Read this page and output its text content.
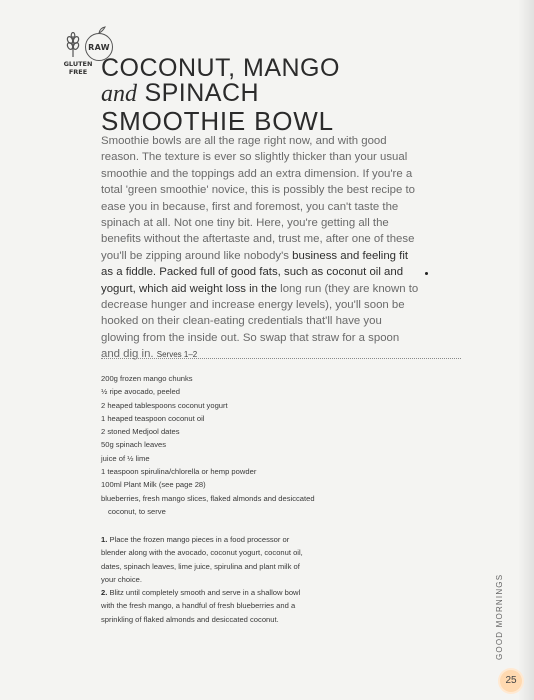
RAW
GLUTEN
FREE COCONUT, MANGO
and SPINACH
SMOOTHIE BOWL

Smoothie bowls are all the rage right now, and with good reason. The texture is ever so slightly thicker than your usual smoothie and the toppings add an extra dimension. If you're a total 'green smoothie' novice, this is possibly the best recipe to ease you in because, first and foremost, you can't taste the spinach at all. Not one tiny bit. Here, you're getting all the benefits without the aftertaste and, trust me, after one of these you'll be zipping around like nobody's business and feeling fit as a fiddle. Packed full of good fats, such as coconut oil and yogurt, which aid weight loss in the long run (they are known to decrease hunger and increase energy levels), you'll soon be hooked on their clean-eating credentials that'll have you glowing from the inside out. So swap that straw for a spoon and dig in. Serves 1–2

200g frozen mango chunks
½ ripe avocado, peeled
2 heaped tablespoons coconut yogurt
1 heaped teaspoon coconut oil
2 stoned Medjool dates
50g spinach leaves
juice of ½ lime
1 teaspoon spirulina/chlorella or hemp powder
100ml Plant Milk (see page 28)
blueberries, fresh mango slices, flaked almonds and desiccated coconut, to serve
1. Place the frozen mango pieces in a food processor or blender along with the avocado, coconut yogurt, coconut oil, dates, spinach leaves, lime juice, spirulina and plant milk of your choice.
2. Blitz until completely smooth and serve in a shallow bowl with the fresh mango, a handful of fresh blueberries and a sprinkling of flaked almonds and desiccated coconut.	GOOD MORNINGS
25
